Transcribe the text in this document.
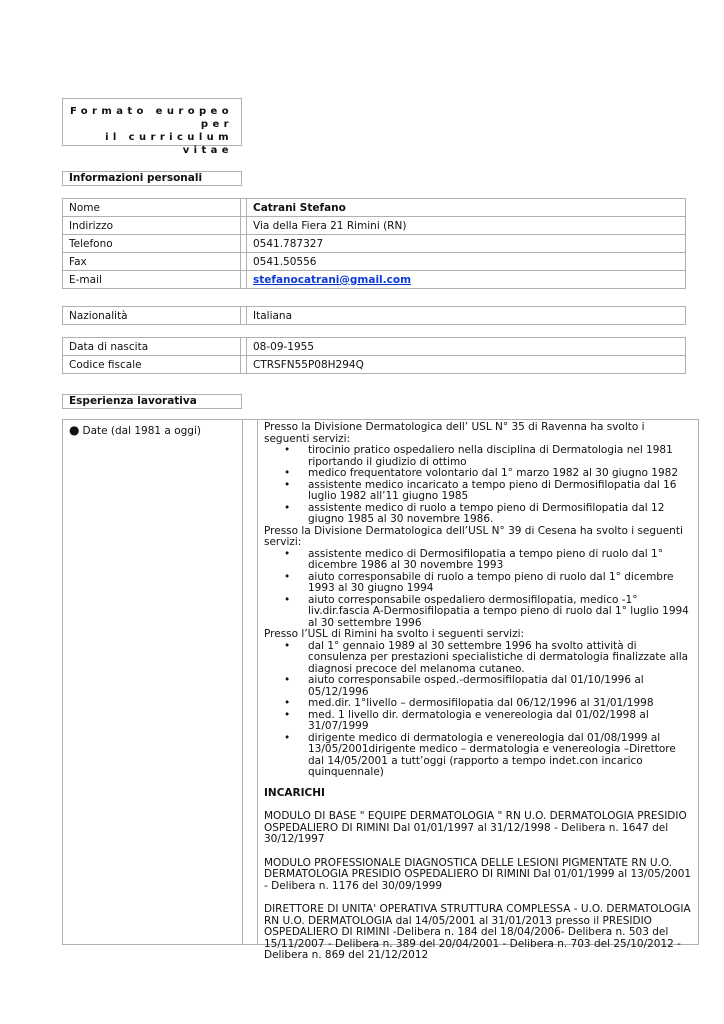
Formato europeo per
il curriculum vitae
Informazioni personali
Nome		Catrani Stefano
Indirizzo		Via della Fiera 21 Rimini (RN)
Telefono		0541.787327
Fax		0541.50556
E-mail		stefanocatrani@gmail.com
Nazionalità		Italiana
Data di nascita		08-09-1955
Codice fiscale		CTRSFN55P08H294Q
Esperienza lavorativa
● Date (dal 1981 a oggi)	Presso la Divisione Dermatologica dell’ USL N° 35 di Ravenna ha svolto i seguenti servizi:

• tirocinio pratico ospedaliero nella disciplina di Dermatologia nel 1981 riportando il giudizio di ottimo
• medico frequentatore volontario dal 1° marzo 1982 al 30 giugno 1982
• assistente medico incaricato a tempo pieno di Dermosifilopatia dal 16 luglio 1982 all’11 giugno 1985
• assistente medico di ruolo a tempo pieno di Dermosifilopatia dal 12 giugno 1985 al 30 novembre 1986.

Presso la Divisione Dermatologica dell’USL N° 39 di Cesena ha svolto i seguenti servizi:

• assistente medico di Dermosifilopatia a tempo pieno di ruolo dal 1° dicembre 1986 al 30 novembre 1993
• aiuto corresponsabile di ruolo a tempo pieno di ruolo dal 1° dicembre 1993 al 30 giugno 1994
• aiuto corresponsabile ospedaliero dermosifilopatia, medico -1° liv.dir.fascia A-Dermosifilopatia a tempo pieno di ruolo dal 1° luglio 1994 al 30 settembre 1996

Presso l’USL di Rimini ha svolto i seguenti servizi:

• dal 1° gennaio 1989 al 30 settembre 1996 ha svolto attività di consulenza per prestazioni specialistiche di dermatologia finalizzate alla diagnosi precoce del melanoma cutaneo.
• aiuto corresponsabile osped.-dermosifilopatia dal 01/10/1996 al 05/12/1996
• med.dir. 1°livello – dermosifilopatia dal 06/12/1996 al 31/01/1998
• med. 1 livello dir. dermatologia e venereologia dal 01/02/1998 al 31/07/1999
• dirigente medico di dermatologia e venereologia dal 01/08/1999 al 13/05/2001dirigente medico – dermatologia e venereologia –Direttore dal 14/05/2001 a tutt’oggi (rapporto a tempo indet.con incarico quinquennale)

INCARICHI

MODULO DI BASE " EQUIPE DERMATOLOGIA " RN U.O. DERMATOLOGIA PRESIDIO OSPEDALIERO DI RIMINI Dal 01/01/1997 al 31/12/1998 - Delibera n. 1647 del 30/12/1997

MODULO PROFESSIONALE DIAGNOSTICA DELLE LESIONI PIGMENTATE RN U.O. DERMATOLOGIA PRESIDIO OSPEDALIERO DI RIMINI Dal 01/01/1999 al 13/05/2001 - Delibera n. 1176 del 30/09/1999

DIRETTORE DI UNITA' OPERATIVA STRUTTURA COMPLESSA - U.O. DERMATOLOGIA RN U.O. DERMATOLOGIA dal 14/05/2001 al 31/01/2013 presso il PRESIDIO OSPEDALIERO DI RIMINI -Delibera n. 184 del 18/04/2006- Delibera n. 503 del 15/11/2007 - Delibera n. 389 del 20/04/2001 - Delibera n. 703 del 25/10/2012 - Delibera n. 869 del 21/12/2012
